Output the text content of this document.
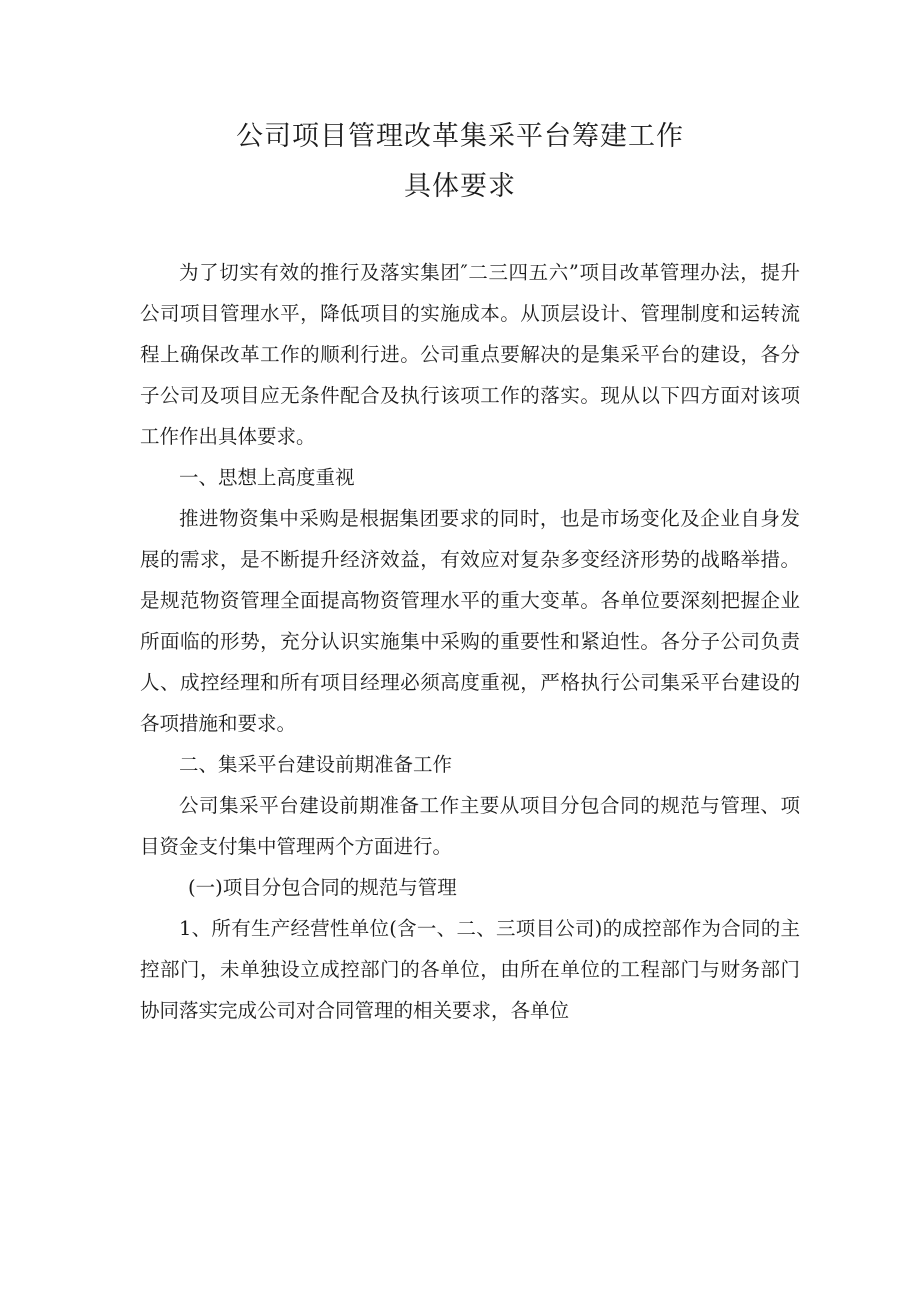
公司项目管理改革集采平台筹建工作
具体要求

为了切实有效的推行及落实集团″二三四五六”项目改革管理办法，提升公司项目管理水平，降低项目的实施成本。从顶层设计、管理制度和运转流程上确保改革工作的顺利行进。公司重点要解决的是集采平台的建设，各分子公司及项目应无条件配合及执行该项工作的落实。现从以下四方面对该项工作作出具体要求。

一、思想上高度重视

推进物资集中采购是根据集团要求的同时，也是市场变化及企业自身发展的需求，是不断提升经济效益，有效应对复杂多变经济形势的战略举措。是规范物资管理全面提高物资管理水平的重大变革。各单位要深刻把握企业所面临的形势，充分认识实施集中采购的重要性和紧迫性。各分子公司负责人、成控经理和所有项目经理必须高度重视，严格执行公司集采平台建设的各项措施和要求。

二、集采平台建设前期准备工作

公司集采平台建设前期准备工作主要从项目分包合同的规范与管理、项目资金支付集中管理两个方面进行。

(一)项目分包合同的规范与管理

1、所有生产经营性单位(含一、二、三项目公司)的成控部作为合同的主控部门，未单独设立成控部门的各单位，由所在单位的工程部门与财务部门协同落实完成公司对合同管理的相关要求，各单位
